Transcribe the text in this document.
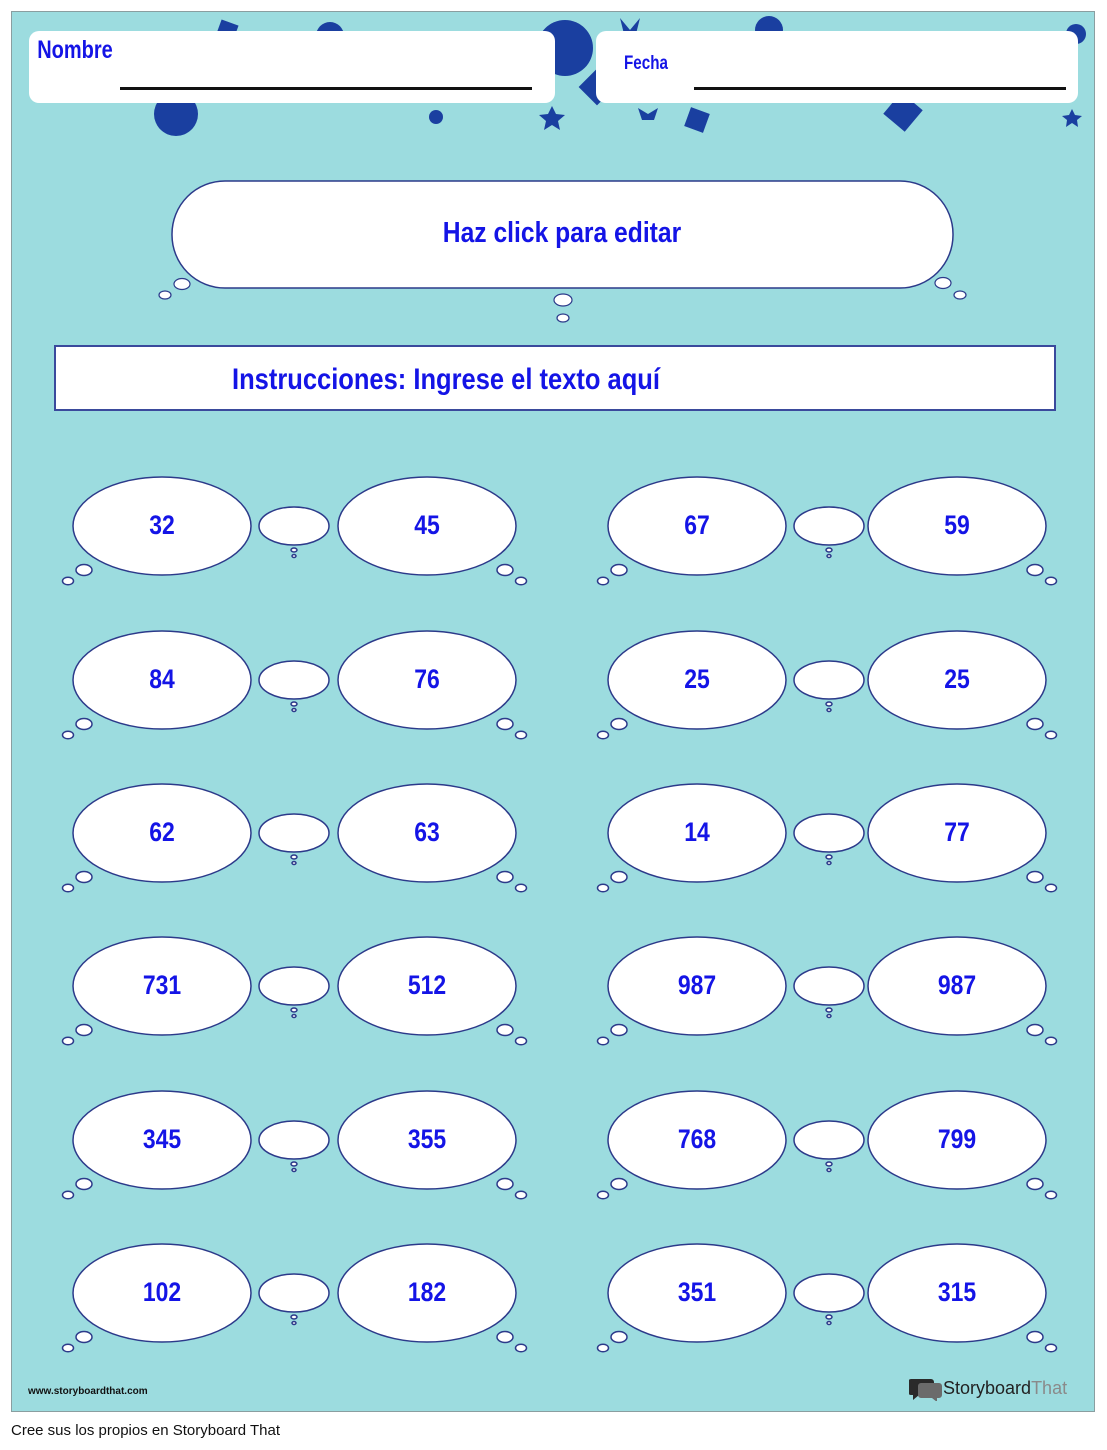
Nombre	Fecha
Haz click para editar
Instrucciones: Ingrese el texto aquí
32	45	67	59
84	76	25	25
62	63	14	77
731	512	987	987
345	355	768	799
102	182	351	315
www.storyboardthat.com	StoryboardThat
Cree sus los propios en Storyboard That
